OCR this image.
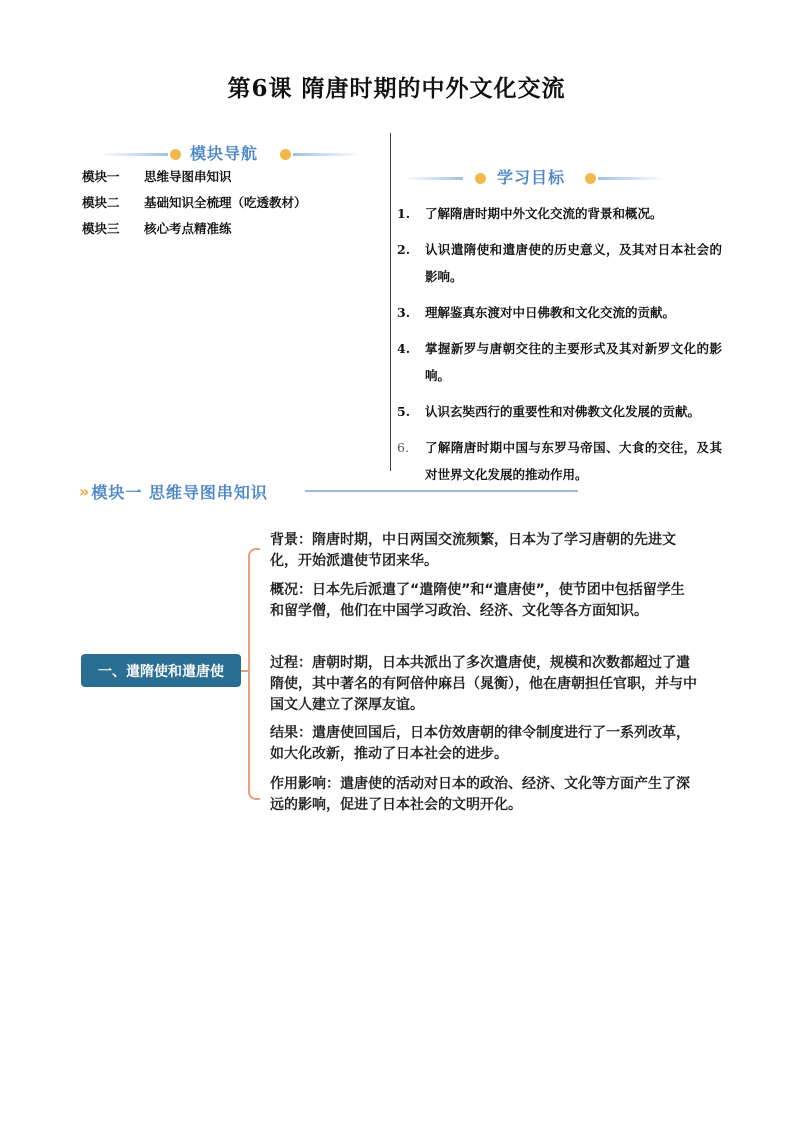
第6课 隋唐时期的中外文化交流
模块导航
模块一	思维导图串知识
模块二	基础知识全梳理（吃透教材）
模块三	核心考点精准练
学习目标
1.	了解隋唐时期中外文化交流的背景和概况。
2.	认识遣隋使和遣唐使的历史意义，及其对日本社会的影响。
3.	理解鉴真东渡对中日佛教和文化交流的贡献。
4.	掌握新罗与唐朝交往的主要形式及其对新罗文化的影响。
5.	认识玄奘西行的重要性和对佛教文化发展的贡献。
6.	了解隋唐时期中国与东罗马帝国、大食的交往，及其对世界文化发展的推动作用。
» 模块一 思维导图串知识
一、遣隋使和遣唐使
背景：隋唐时期，中日两国交流频繁，日本为了学习唐朝的先进文化，开始派遣使节团来华。
概况：日本先后派遣了“遣隋使”和“遣唐使”，使节团中包括留学生和留学僧，他们在中国学习政治、经济、文化等各方面知识。
过程：唐朝时期，日本共派出了多次遣唐使，规模和次数都超过了遣隋使，其中著名的有阿倍仲麻吕（晁衡），他在唐朝担任官职，并与中国文人建立了深厚友谊。
结果：遣唐使回国后，日本仿效唐朝的律令制度进行了一系列改革，如大化改新，推动了日本社会的进步。
作用影响：遣唐使的活动对日本的政治、经济、文化等方面产生了深远的影响，促进了日本社会的文明开化。
